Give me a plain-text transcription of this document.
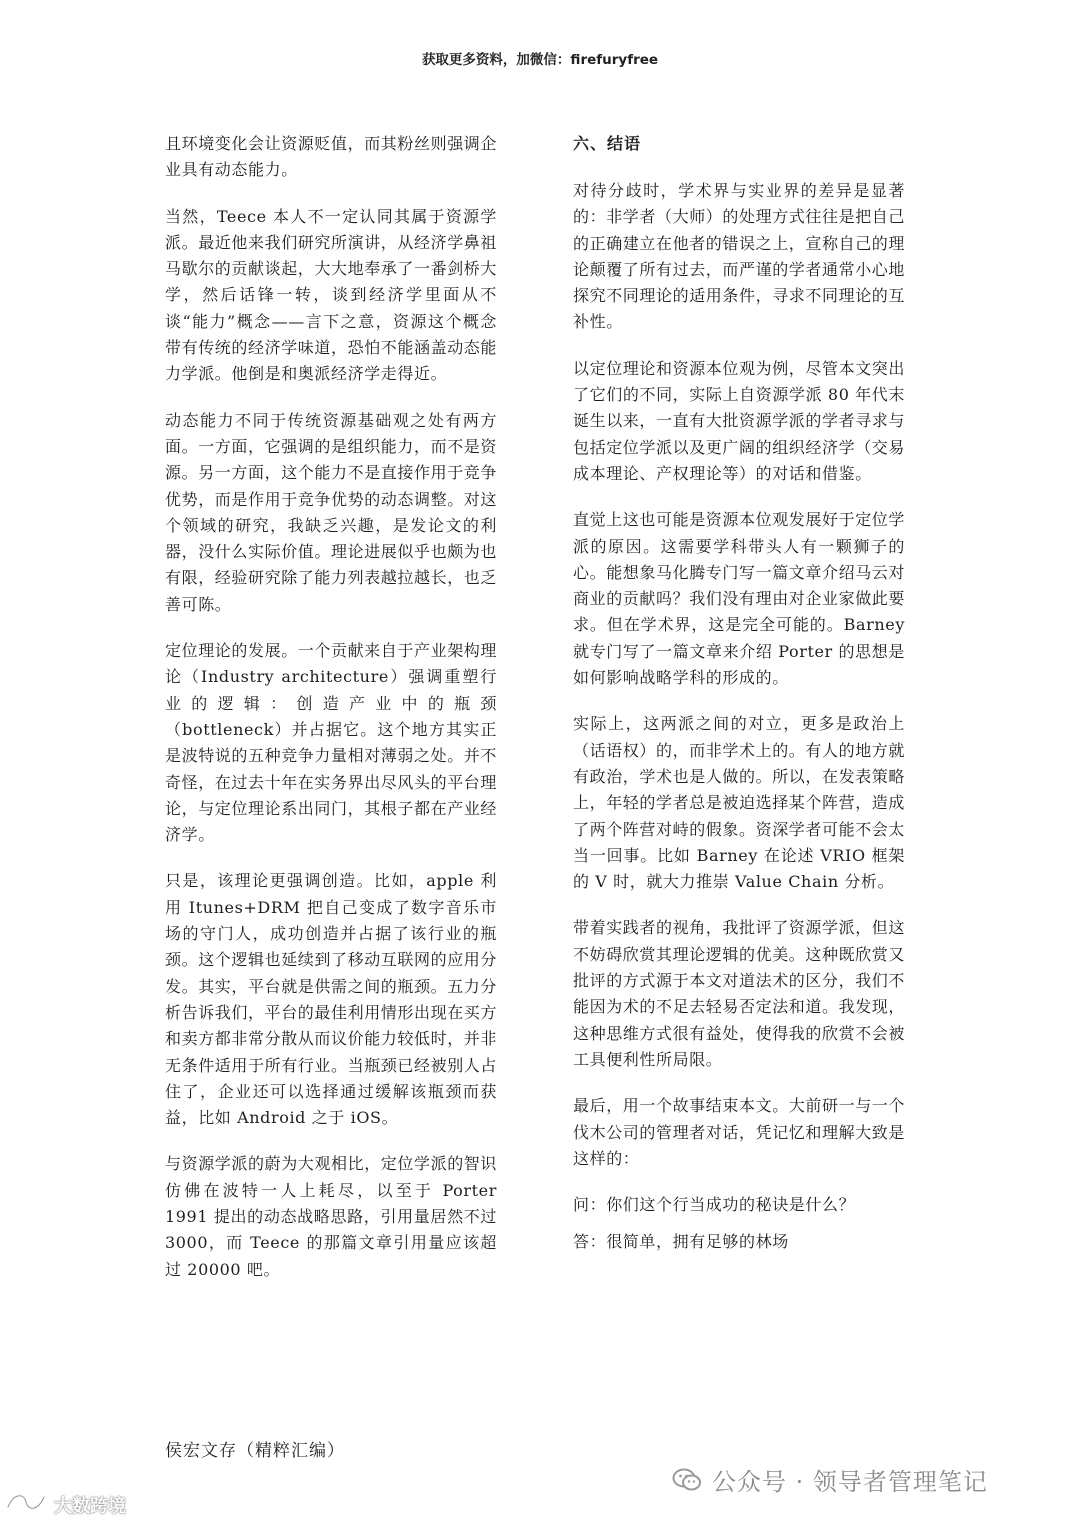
获取更多资料，加微信：firefuryfree

且环境变化会让资源贬值，而其粉丝则强调企业具有动态能力。

当然，Teece 本人不一定认同其属于资源学派。最近他来我们研究所演讲，从经济学鼻祖马歇尔的贡献谈起，大大地奉承了一番剑桥大学，然后话锋一转，谈到经济学里面从不谈“能力”概念——言下之意，资源这个概念带有传统的经济学味道，恐怕不能涵盖动态能力学派。他倒是和奥派经济学走得近。

动态能力不同于传统资源基础观之处有两方面。一方面，它强调的是组织能力，而不是资源。另一方面，这个能力不是直接作用于竞争优势，而是作用于竞争优势的动态调整。对这个领域的研究，我缺乏兴趣，是发论文的利器，没什么实际价值。理论进展似乎也颇为也有限，经验研究除了能力列表越拉越长，也乏善可陈。

定位理论的发展。一个贡献来自于产业架构理论（Industry architecture）强调重塑行业的逻辑：创造产业中的瓶颈（bottleneck）并占据它。这个地方其实正是波特说的五种竞争力量相对薄弱之处。并不奇怪，在过去十年在实务界出尽风头的平台理论，与定位理论系出同门，其根子都在产业经济学。

只是，该理论更强调创造。比如，apple 利用 Itunes+DRM 把自己变成了数字音乐市场的守门人，成功创造并占据了该行业的瓶颈。这个逻辑也延续到了移动互联网的应用分发。其实，平台就是供需之间的瓶颈。五力分析告诉我们，平台的最佳利用情形出现在买方和卖方都非常分散从而议价能力较低时，并非无条件适用于所有行业。当瓶颈已经被别人占住了，企业还可以选择通过缓解该瓶颈而获益，比如 Android 之于 iOS。

与资源学派的蔚为大观相比，定位学派的智识仿佛在波特一人上耗尽，以至于 Porter 1991 提出的动态战略思路，引用量居然不过 3000，而 Teece 的那篇文章引用量应该超过 20000 吧。

六、结语

对待分歧时，学术界与实业界的差异是显著的：非学者（大师）的处理方式往往是把自己的正确建立在他者的错误之上，宣称自己的理论颠覆了所有过去，而严谨的学者通常小心地探究不同理论的适用条件，寻求不同理论的互补性。

以定位理论和资源本位观为例，尽管本文突出了它们的不同，实际上自资源学派 80 年代末诞生以来，一直有大批资源学派的学者寻求与包括定位学派以及更广阔的组织经济学（交易成本理论、产权理论等）的对话和借鉴。

直觉上这也可能是资源本位观发展好于定位学派的原因。这需要学科带头人有一颗狮子的心。能想象马化腾专门写一篇文章介绍马云对商业的贡献吗？我们没有理由对企业家做此要求。但在学术界，这是完全可能的。Barney 就专门写了一篇文章来介绍 Porter 的思想是如何影响战略学科的形成的。

实际上，这两派之间的对立，更多是政治上（话语权）的，而非学术上的。有人的地方就有政治，学术也是人做的。所以，在发表策略上，年轻的学者总是被迫选择某个阵营，造成了两个阵营对峙的假象。资深学者可能不会太当一回事。比如 Barney 在论述 VRIO 框架的 V 时，就大力推崇 Value Chain 分析。

带着实践者的视角，我批评了资源学派，但这不妨碍欣赏其理论逻辑的优美。这种既欣赏又批评的方式源于本文对道法术的区分，我们不能因为术的不足去轻易否定法和道。我发现，这种思维方式很有益处，使得我的欣赏不会被工具便利性所局限。

最后，用一个故事结束本文。大前研一与一个伐木公司的管理者对话，凭记忆和理解大致是这样的：

问：你们这个行当成功的秘诀是什么？

答：很简单，拥有足够的林场

侯宏文存（精粹汇编）
公众号 · 领导者管理笔记
大数跨境
